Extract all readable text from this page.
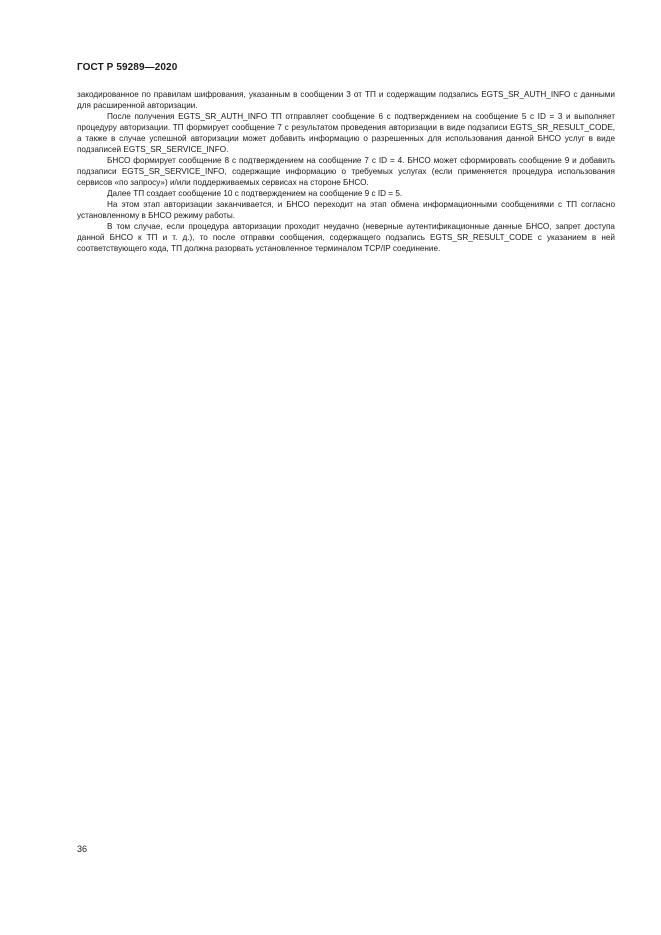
ГОСТ Р 59289—2020

закодированное по правилам шифрования, указанным в сообщении 3 от ТП и содержащим подзапись EGTS_SR_AUTH_INFO с данными для расширенной авторизации.

После получения EGTS_SR_AUTH_INFO ТП отправляет сообщение 6 с подтверждением на сообщение 5 с ID = 3 и выполняет процедуру авторизации. ТП формирует сообщение 7 с результатом проведения авторизации в виде подзаписи EGTS_SR_RESULT_CODE, а также в случае успешной авторизации может добавить информацию о разрешенных для использования данной БНСО услуг в виде подзаписей EGTS_SR_SERVICE_INFO.

БНСО формирует сообщение 8 с подтверждением на сообщение 7 с ID = 4. БНСО может сформировать сообщение 9 и добавить подзаписи EGTS_SR_SERVICE_INFO, содержащие информацию о требуемых услугах (если применяется процедура использования сервисов «по запросу») и/или поддерживаемых сервисах на стороне БНСО.

Далее ТП создает сообщение 10 с подтверждением на сообщение 9 с ID = 5.

На этом этап авторизации заканчивается, и БНСО переходит на этап обмена информационными сообщениями с ТП согласно установленному в БНСО режиму работы.

В том случае, если процедура авторизации проходит неудачно (неверные аутентификационные данные БНСО, запрет доступа данной БНСО к ТП и т. д.), то после отправки сообщения, содержащего подзапись EGTS_SR_RESULT_CODE с указанием в ней соответствующего кода, ТП должна разорвать установленное терминалом TCP/IP соединение.

36
